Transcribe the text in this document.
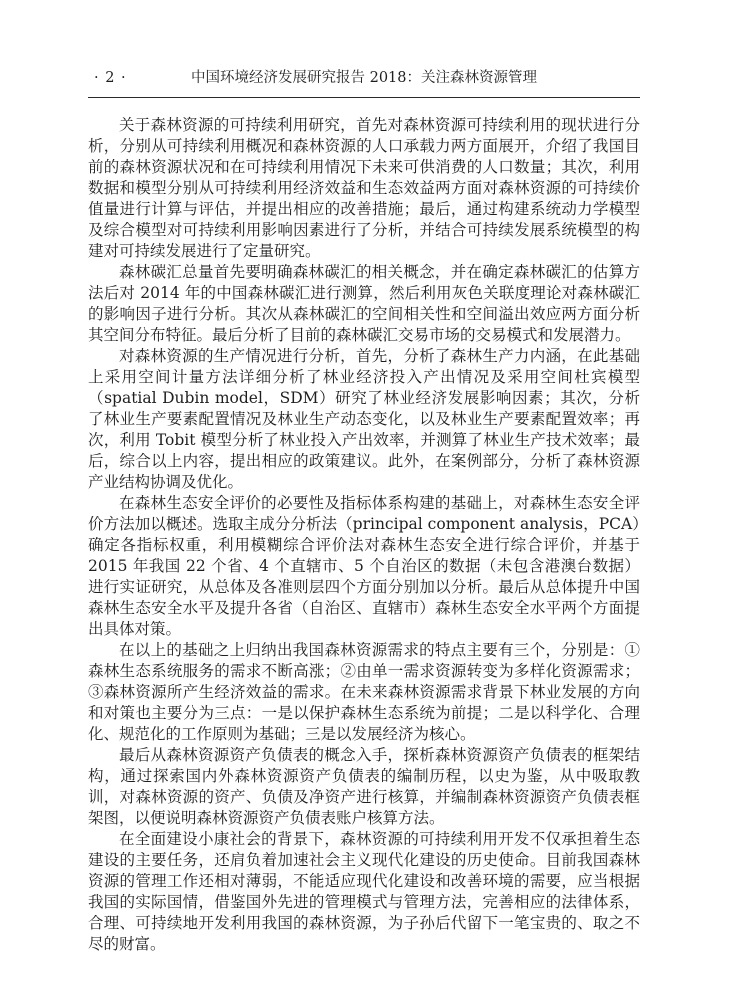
· 2 ·	中国环境经济发展研究报告 2018：关注森林资源管理

关于森林资源的可持续利用研究，首先对森林资源可持续利用的现状进行分析，分别从可持续利用概况和森林资源的人口承载力两方面展开，介绍了我国目前的森林资源状况和在可持续利用情况下未来可供消费的人口数量；其次，利用数据和模型分别从可持续利用经济效益和生态效益两方面对森林资源的可持续价值量进行计算与评估，并提出相应的改善措施；最后，通过构建系统动力学模型及综合模型对可持续利用影响因素进行了分析，并结合可持续发展系统模型的构建对可持续发展进行了定量研究。

森林碳汇总量首先要明确森林碳汇的相关概念，并在确定森林碳汇的估算方法后对 2014 年的中国森林碳汇进行测算，然后利用灰色关联度理论对森林碳汇的影响因子进行分析。其次从森林碳汇的空间相关性和空间溢出效应两方面分析其空间分布特征。最后分析了目前的森林碳汇交易市场的交易模式和发展潜力。

对森林资源的生产情况进行分析，首先，分析了森林生产力内涵，在此基础上采用空间计量方法详细分析了林业经济投入产出情况及采用空间杜宾模型（spatial Dubin model，SDM）研究了林业经济发展影响因素；其次，分析了林业生产要素配置情况及林业生产动态变化，以及林业生产要素配置效率；再次，利用 Tobit 模型分析了林业投入产出效率，并测算了林业生产技术效率；最后，综合以上内容，提出相应的政策建议。此外，在案例部分，分析了森林资源产业结构协调及优化。

在森林生态安全评价的必要性及指标体系构建的基础上，对森林生态安全评价方法加以概述。选取主成分分析法（principal component analysis，PCA）确定各指标权重，利用模糊综合评价法对森林生态安全进行综合评价，并基于 2015 年我国 22 个省、4 个直辖市、5 个自治区的数据（未包含港澳台数据）进行实证研究，从总体及各准则层四个方面分别加以分析。最后从总体提升中国森林生态安全水平及提升各省（自治区、直辖市）森林生态安全水平两个方面提出具体对策。

在以上的基础之上归纳出我国森林资源需求的特点主要有三个，分别是：①森林生态系统服务的需求不断高涨；②由单一需求资源转变为多样化资源需求；③森林资源所产生经济效益的需求。在未来森林资源需求背景下林业发展的方向和对策也主要分为三点：一是以保护森林生态系统为前提；二是以科学化、合理化、规范化的工作原则为基础；三是以发展经济为核心。

最后从森林资源资产负债表的概念入手，探析森林资源资产负债表的框架结构，通过探索国内外森林资源资产负债表的编制历程，以史为鉴，从中吸取教训，对森林资源的资产、负债及净资产进行核算，并编制森林资源资产负债表框架图，以便说明森林资源资产负债表账户核算方法。

在全面建设小康社会的背景下，森林资源的可持续利用开发不仅承担着生态建设的主要任务，还肩负着加速社会主义现代化建设的历史使命。目前我国森林资源的管理工作还相对薄弱，不能适应现代化建设和改善环境的需要，应当根据我国的实际国情，借鉴国外先进的管理模式与管理方法，完善相应的法律体系，合理、可持续地开发利用我国的森林资源，为子孙后代留下一笔宝贵的、取之不尽的财富。
